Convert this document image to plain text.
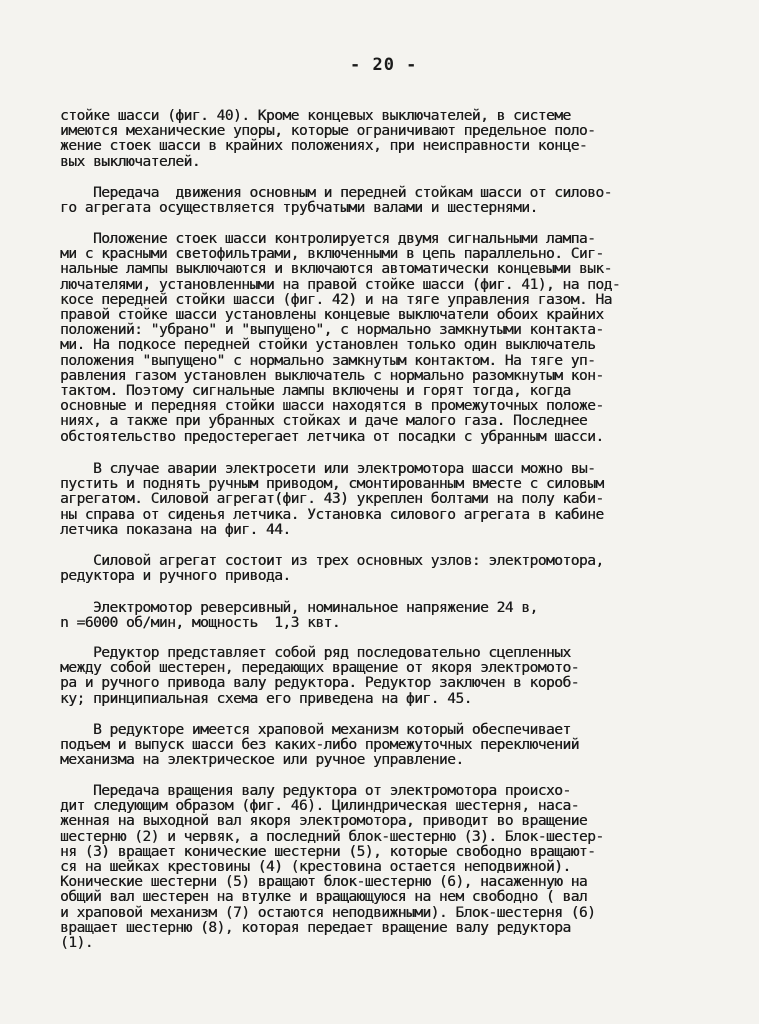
- 20 -
стойке шасси (фиг. 40). Кроме концевых выключателей, в системе
имеются механические упоры, которые ограничивают предельное поло-
жение стоек шасси в крайних положениях, при неисправности конце-
вых выключателей.
Передача  движения основным и передней стойкам шасси от силово-
го агрегата осуществляется трубчатыми валами и шестернями.
Положение стоек шасси контролируется двумя сигнальными лампа-
ми с красными светофильтрами, включенными в цепь параллельно. Сиг-
нальные лампы выключаются и включаются автоматически концевыми вык-
лючателями, установленными на правой стойке шасси (фиг. 41), на под-
косе передней стойки шасси (фиг. 42) и на тяге управления газом. На
правой стойке шасси установлены концевые выключатели обоих крайних
положений: "убрано" и "выпущено", с нормально замкнутыми контакта-
ми. На подкосе передней стойки установлен только один выключатель
положения "выпущено" с нормально замкнутым контактом. На тяге уп-
равления газом установлен выключатель с нормально разомкнутым кон-
тактом. Поэтому сигнальные лампы включены и горят тогда, когда
основные и передняя стойки шасси находятся в промежуточных положе-
ниях, а также при убранных стойках и даче малого газа. Последнее
обстоятельство предостерегает летчика от посадки с убранным шасси.
В случае аварии электросети или электромотора шасси можно вы-
пустить и поднять ручным приводом, смонтированным вместе с силовым
агрегатом. Силовой агрегат(фиг. 43) укреплен болтами на полу каби-
ны справа от сиденья летчика. Установка силового агрегата в кабине
летчика показана на фиг. 44.
Силовой агрегат состоит из трех основных узлов: электромотора,
редуктора и ручного привода.
Электромотор реверсивный, номинальное напряжение 24 в,
n =6000 об/мин, мощность  1,3 квт.
Редуктор представляет собой ряд последовательно сцепленных
между собой шестерен, передающих вращение от якоря электромото-
ра и ручного привода валу редуктора. Редуктор заключен в короб-
ку; принципиальная схема его приведена на фиг. 45.
В редукторе имеется храповой механизм который обеспечивает
подъем и выпуск шасси без каких-либо промежуточных переключений
механизма на электрическое или ручное управление.
Передача вращения валу редуктора от электромотора происхо-
дит следующим образом (фиг. 46). Цилиндрическая шестерня, наса-
женная на выходной вал якоря электромотора, приводит во вращение
шестерню (2) и червяк, а последний блок-шестерню (3). Блок-шестер-
ня (3) вращает конические шестерни (5), которые свободно вращают-
ся на шейках крестовины (4) (крестовина остается неподвижной).
Конические шестерни (5) вращают блок-шестерню (6), насаженную на
общий вал шестерен на втулке и вращающуюся на нем свободно ( вал
и храповой механизм (7) остаются неподвижными). Блок-шестерня (6)
вращает шестерню (8), которая передает вращение валу редуктора
(1).
